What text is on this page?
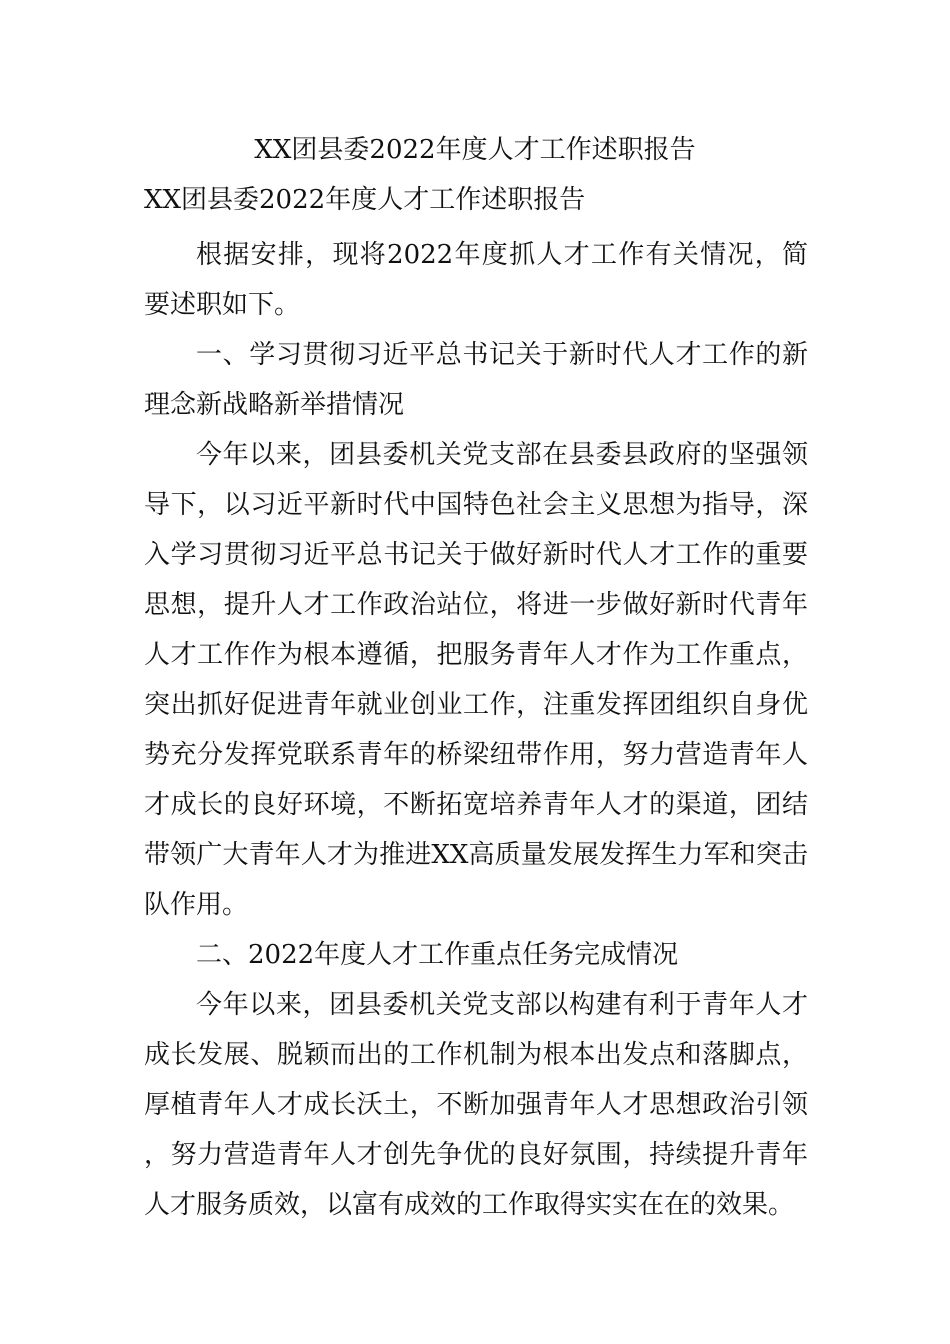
XX团县委2022年度人才工作述职报告

XX团县委2022年度人才工作述职报告

根据安排，现将2022年度抓人才工作有关情况，简要述职如下。

一、学习贯彻习近平总书记关于新时代人才工作的新理念新战略新举措情况

今年以来，团县委机关党支部在县委县政府的坚强领导下，以习近平新时代中国特色社会主义思想为指导，深入学习贯彻习近平总书记关于做好新时代人才工作的重要思想，提升人才工作政治站位，将进一步做好新时代青年人才工作作为根本遵循，把服务青年人才作为工作重点，突出抓好促进青年就业创业工作，注重发挥团组织自身优势充分发挥党联系青年的桥梁纽带作用，努力营造青年人才成长的良好环境，不断拓宽培养青年人才的渠道，团结带领广大青年人才为推进XX高质量发展发挥生力军和突击队作用。

二、2022年度人才工作重点任务完成情况

今年以来，团县委机关党支部以构建有利于青年人才成长发展、脱颖而出的工作机制为根本出发点和落脚点，厚植青年人才成长沃土，不断加强青年人才思想政治引领，努力营造青年人才创先争优的良好氛围，持续提升青年人才服务质效，以富有成效的工作取得实实在在的效果。
